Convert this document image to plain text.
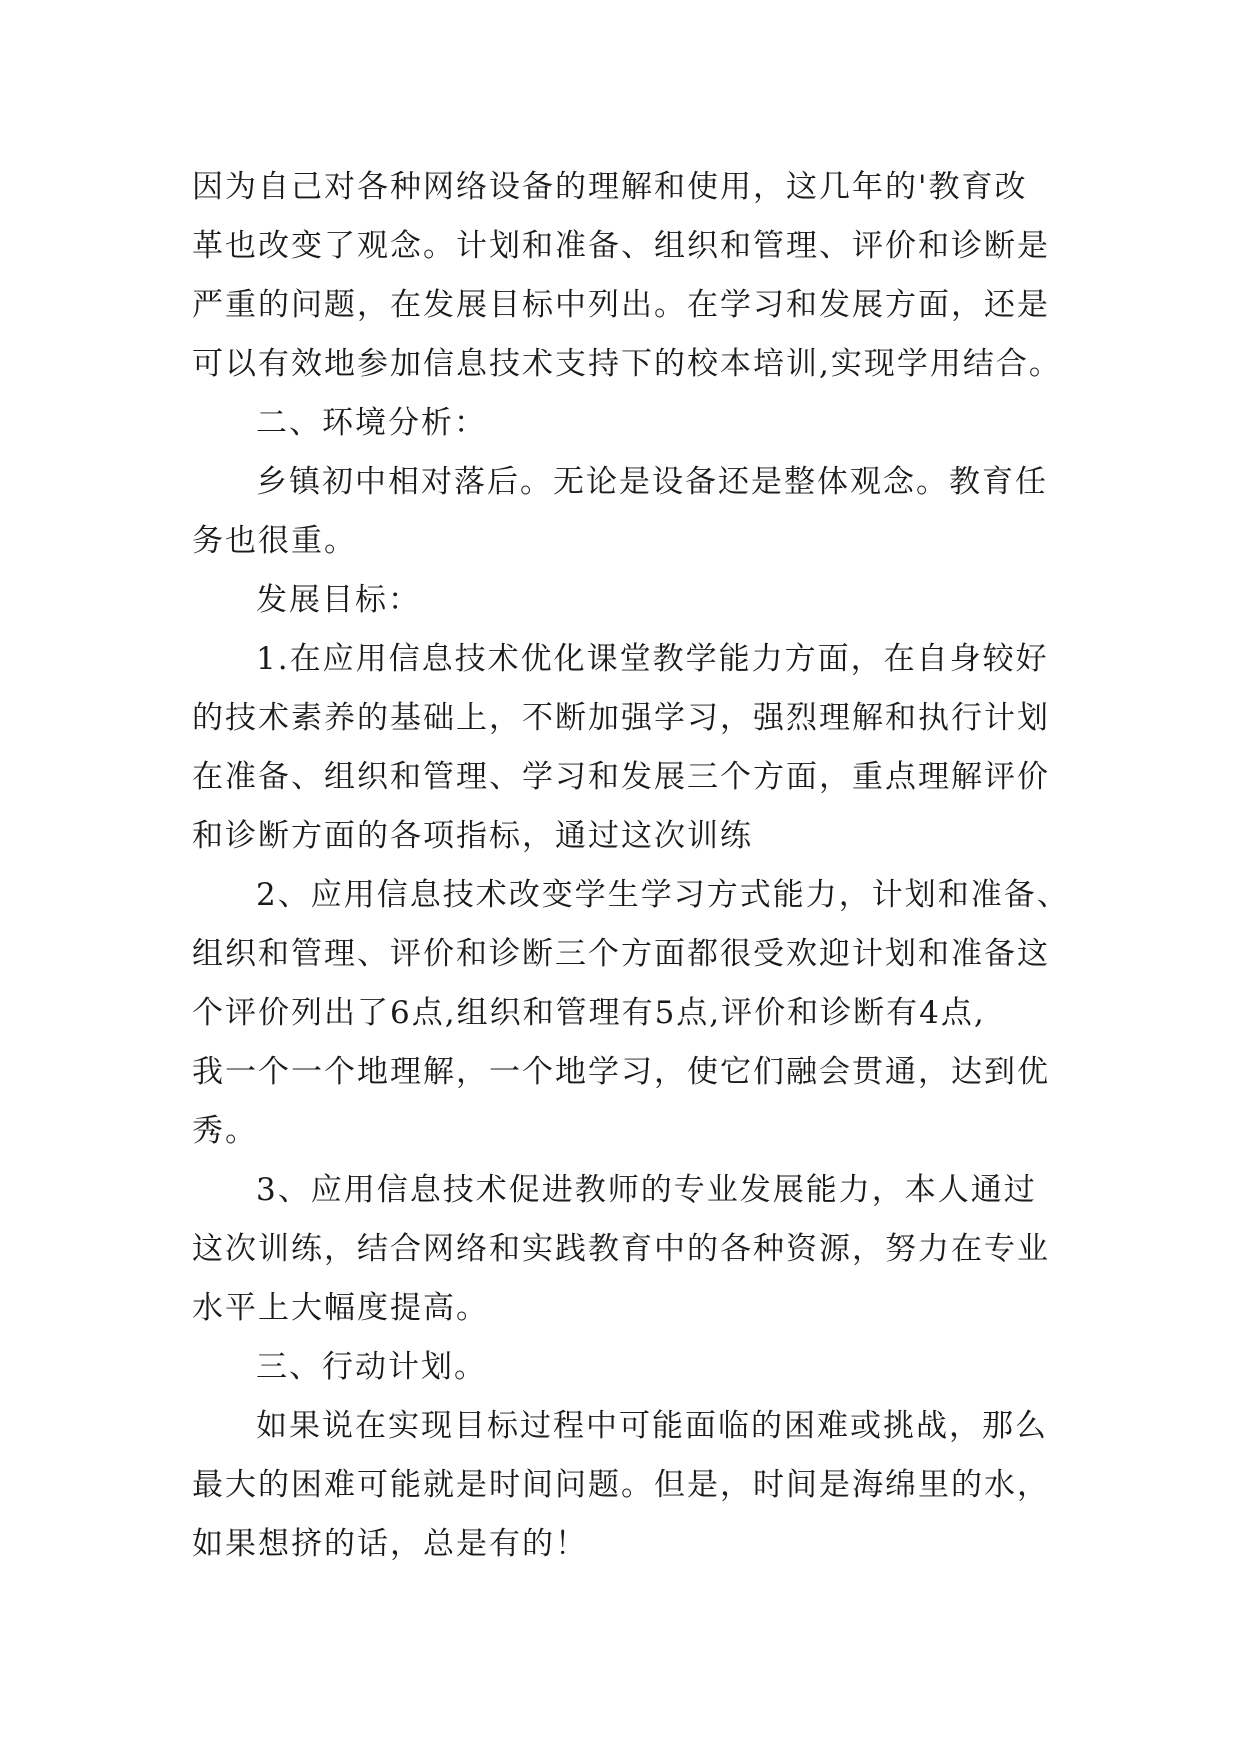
因为自己对各种网络设备的理解和使用，这几年的'教育改
革也改变了观念。计划和准备、组织和管理、评价和诊断是
严重的问题，在发展目标中列出。在学习和发展方面，还是
可以有效地参加信息技术支持下的校本培训,实现学用结合。
二、环境分析：
乡镇初中相对落后。无论是设备还是整体观念。教育任
务也很重。
发展目标：
1.在应用信息技术优化课堂教学能力方面，在自身较好
的技术素养的基础上，不断加强学习，强烈理解和执行计划
在准备、组织和管理、学习和发展三个方面，重点理解评价
和诊断方面的各项指标，通过这次训练
2、应用信息技术改变学生学习方式能力，计划和准备、
组织和管理、评价和诊断三个方面都很受欢迎计划和准备这
个评价列出了6点,组织和管理有5点,评价和诊断有4点,
我一个一个地理解，一个地学习，使它们融会贯通，达到优
秀。
3、应用信息技术促进教师的专业发展能力，本人通过
这次训练，结合网络和实践教育中的各种资源，努力在专业
水平上大幅度提高。
三、行动计划。
如果说在实现目标过程中可能面临的困难或挑战，那么
最大的困难可能就是时间问题。但是，时间是海绵里的水，
如果想挤的话，总是有的！
